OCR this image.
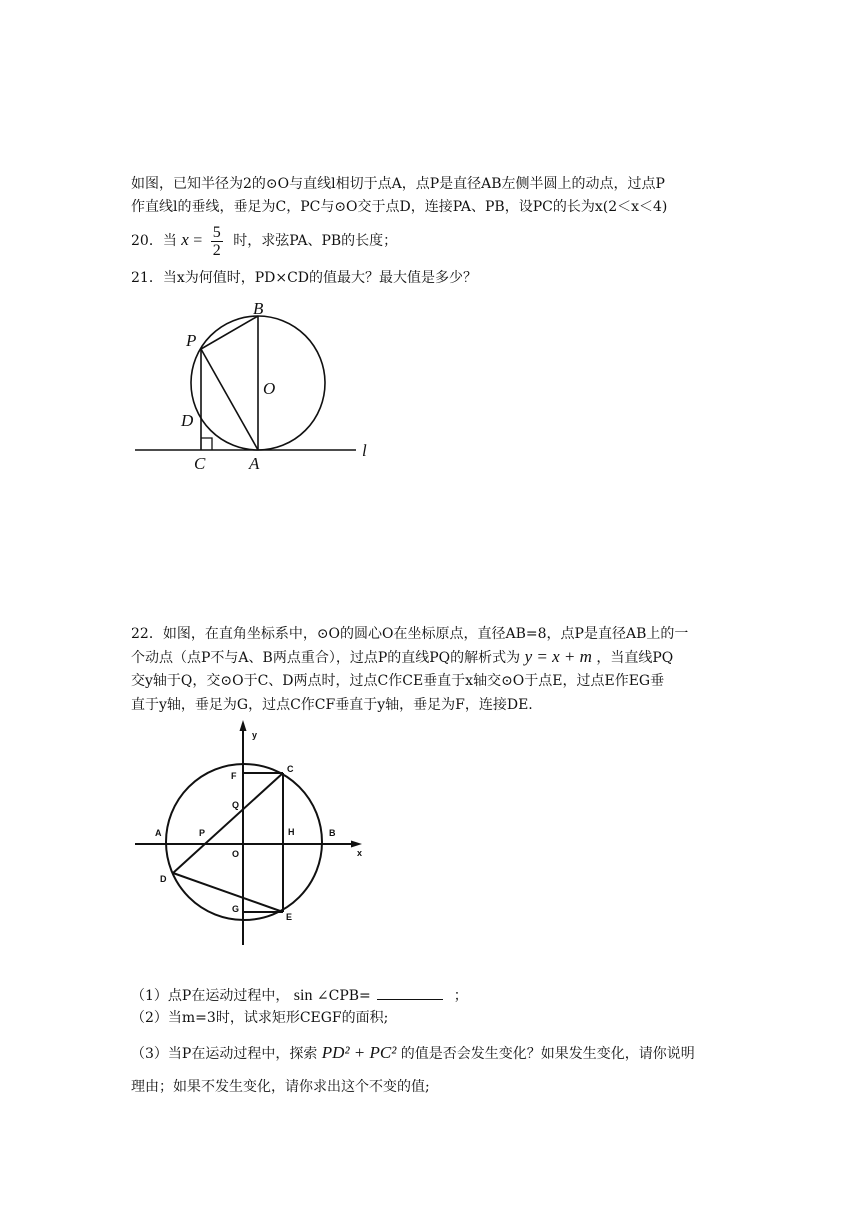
如图，已知半径为2的⊙O与直线l相切于点A，点P是直径AB左侧半圆上的动点，过点P
作直线l的垂线，垂足为C，PC与⊙O交于点D，连接PA、PB，设PC的长为x(2＜x＜4)
20．当 $x = \frac{5}{2}$ 时，求弦PA、PB的长度；
21．当x为何值时，PD×CD的值最大？最大值是多少？
B
P
O
D
C	A
l
22．如图，在直角坐标系中，⊙O的圆心O在坐标原点，直径AB=8，点P是直径AB上的一
个动点（点P不与A、B两点重合），过点P的直线PQ的解析式为 y = x + m ，当直线PQ
交y轴于Q，交⊙O于C、D两点时，过点C作CE垂直于x轴交⊙O于点E，过点E作EG垂
直于y轴，垂足为G，过点C作CF垂直于y轴，垂足为F，连接DE.
y
x
F
C
Q
A	P	H	B
O
D
G
E
（1）点P在运动过程中， sin ∠CPB=	；
（2）当m=3时，试求矩形CEGF的面积;
（3）当P在运动过程中，探索 PD² + PC² 的值是否会发生变化？如果发生变化，请你说明
理由；如果不发生变化，请你求出这个不变的值;
